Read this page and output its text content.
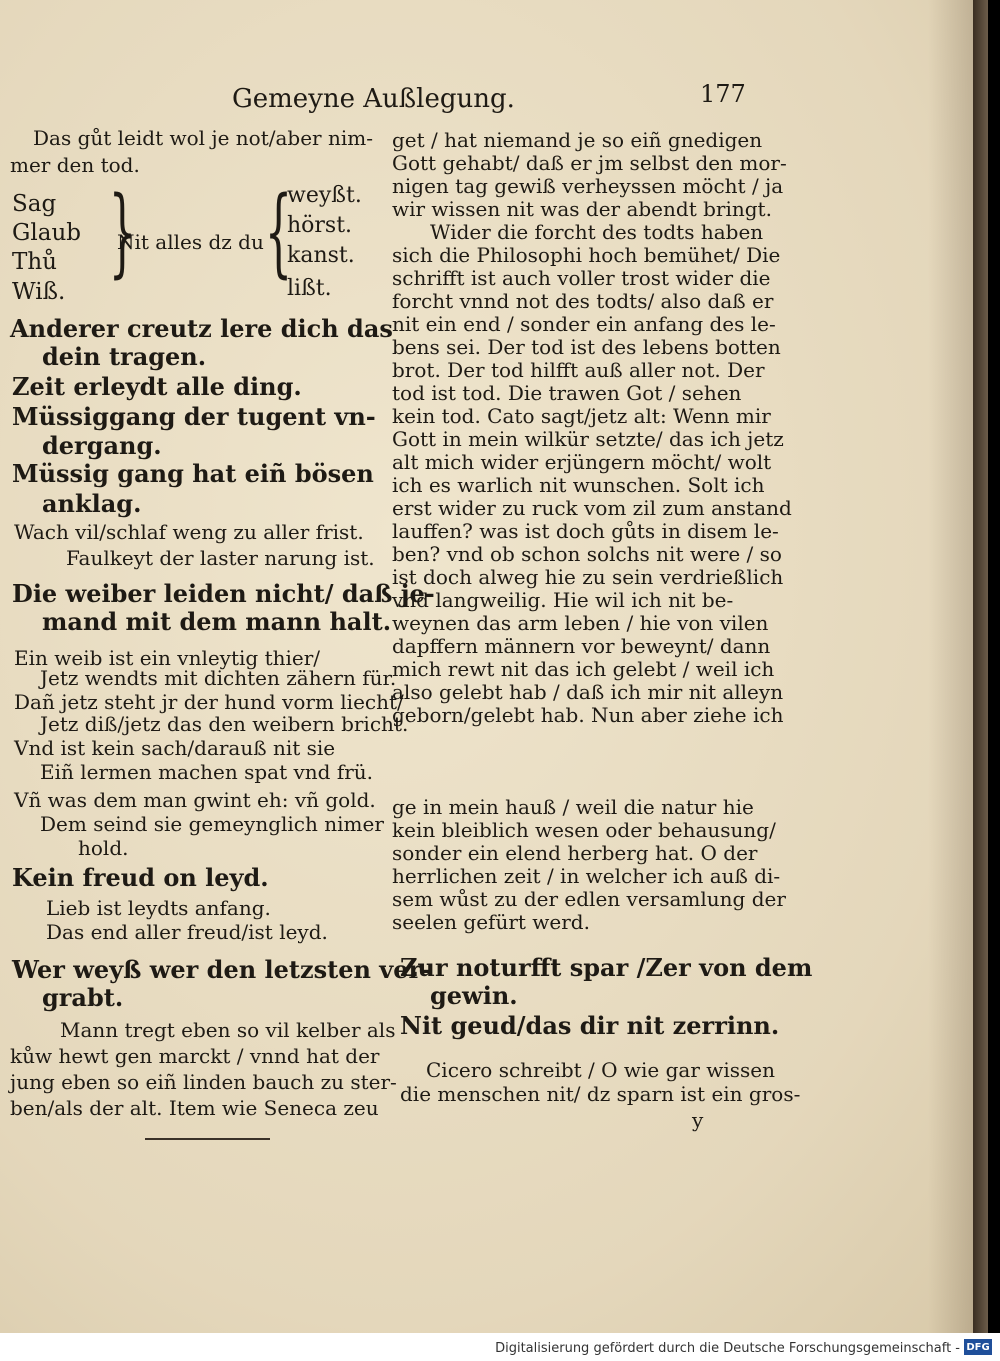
Gemeyne Außlegung.	177
Das gůt leidt wol je not/aber nim-
mer den tod.
Sag
Glaub
Thů
Wiß.
}
Nit alles dz du {
weyßt.
hörst.
kanst.
lißt.
Anderer creutz lere dich das
dein tragen.
Zeit erleydt alle ding.
Müssiggang der tugent vn-
dergang.
Müssig gang hat eiñ bösen
anklag.
Wach vil/schlaf weng zu aller frist.
Faulkeyt der laster narung ist.
Die weiber leiden nicht/ daß je-
mand mit dem mann halt.
Ein weib ist ein vnleytig thier/
Jetz wendts mit dichten zähern für.
Dañ jetz steht jr der hund vorm liecht/
Jetz diß/jetz das den weibern bricht.
Vnd ist kein sach/darauß nit sie
Eiñ lermen machen spat vnd frü.
Vñ was dem man gwint eh: vñ gold.
Dem seind sie gemeynglich nimer
hold.
Kein freud on leyd.
Lieb ist leydts anfang.
Das end aller freud/ist leyd.
Wer weyß wer den letzsten ver-
grabt.
Mann tregt eben so vil kelber als
kůw hewt gen marckt / vnnd hat der
jung eben so eiñ linden bauch zu ster-
ben/als der alt. Item wie Seneca zeu
get / hat niemand je so eiñ gnedigen
Gott gehabt/ daß er jm selbst den mor-
nigen tag gewiß verheyssen möcht / ja
wir wissen nit was der abendt bringt.
Wider die forcht des todts haben
sich die Philosophi hoch bemühet/ Die
schrifft ist auch voller trost wider die
forcht vnnd not des todts/ also daß er
nit ein end / sonder ein anfang des le-
bens sei. Der tod ist des lebens botten
brot. Der tod hilfft auß aller not. Der
tod ist tod. Die trawen Got / sehen
kein tod. Cato sagt/jetz alt: Wenn mir
Gott in mein wilkür setzte/ das ich jetz
alt mich wider erjüngern möcht/ wolt
ich es warlich nit wunschen. Solt ich
erst wider zu ruck vom zil zum anstand
lauffen? was ist doch gůts in disem le-
ben? vnd ob schon solchs nit were / so
ist doch alweg hie zu sein verdrießlich
vnd langweilig. Hie wil ich nit be-
weynen das arm leben / hie von vilen
dapffern männern vor beweynt/ dann
mich rewt nit das ich gelebt / weil ich
also gelebt hab / daß ich mir nit alleyn
geborn/gelebt hab. Nun aber ziehe ich
ge in mein hauß / weil die natur hie
kein bleiblich wesen oder behausung/
sonder ein elend herberg hat. O der
herrlichen zeit / in welcher ich auß di-
sem wůst zu der edlen versamlung der
seelen gefürt werd.
Zur noturfft spar /Zer von dem
gewin.
Nit geud/das dir nit zerrinn.
Cicero schreibt / O wie gar wissen
die menschen nit/ dz sparn ist ein gros-
y
Digitalisierung gefördert durch die Deutsche Forschungsgemeinschaft - DFG
